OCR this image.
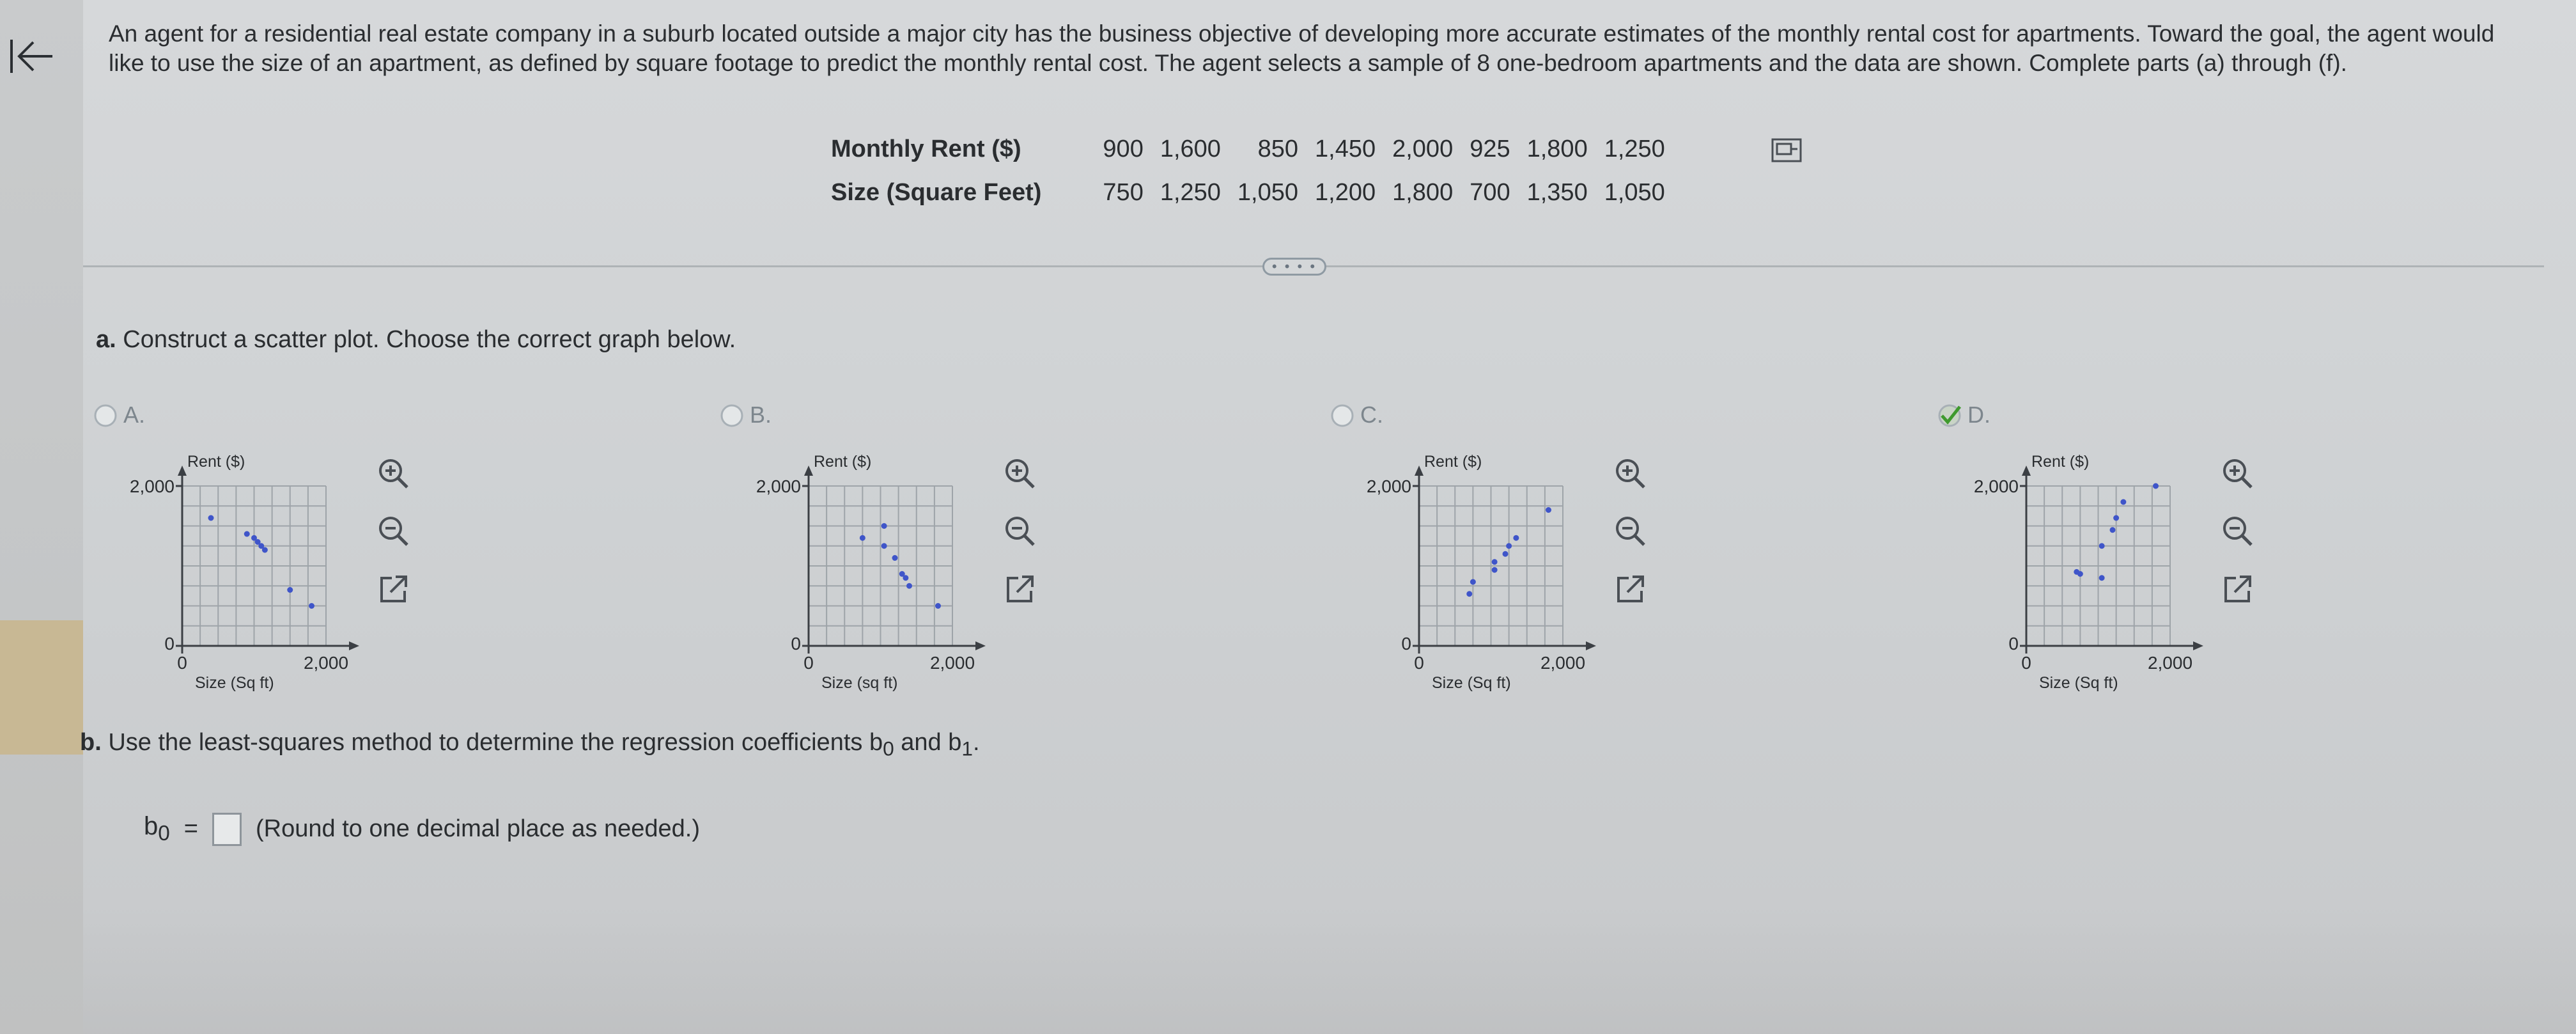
An agent for a residential real estate company in a suburb located outside a major city has the business objective of developing more accurate estimates of the monthly rental cost for apartments. Toward the goal, the agent would like to use the size of an apartment, as defined by square footage to predict the monthly rental cost. The agent selects a sample of 8 one-bedroom apartments and the data are shown. Complete parts (a) through (f).

Monthly Rent ($)	900	1,600	850	1,450	2,000	925	1,800	1,250
Size (Square Feet)	750	1,250	1,050	1,200	1,800	700	1,350	1,050
• • • •
a. Construct a scatter plot. Choose the correct graph below.
A.
Rent ($)
2,000
0
0	2,000
Size (Sq ft)
B.
Rent ($)
2,000
0
0	2,000
Size (sq ft)
C.
Rent ($)
2,000
0
0	2,000
Size (Sq ft)
D.
Rent ($)
2,000
0
0	2,000
Size (Sq ft)
b. Use the least-squares method to determine the regression coefficients $b_0$ and $b_1$.
$b_0$ = (Round to one decimal place as needed.)
